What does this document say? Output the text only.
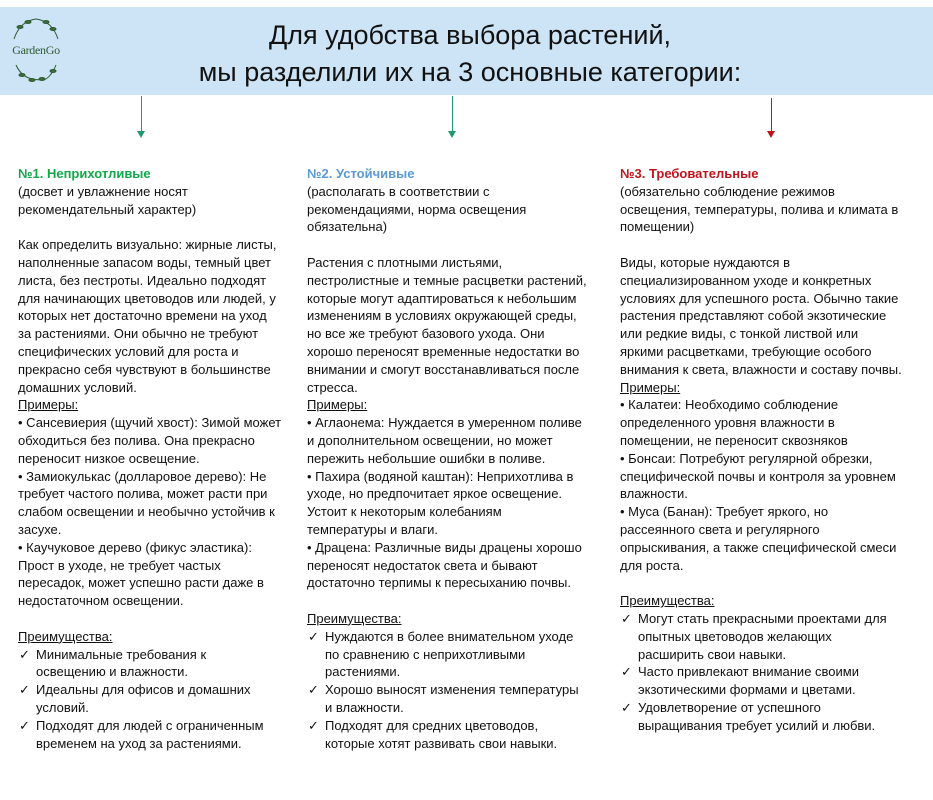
GardenGo	Для удобства выбора растений,
мы разделили их на 3 основные категории:
№1. Неприхотливые
(досвет и увлажнение носят
рекомендательный характер)
Как определить визуально: жирные листы,
наполненные запасом воды, темный цвет
листа, без пестроты. Идеально подходят
для начинающих цветоводов или людей, у
которых нет достаточно времени на уход
за растениями. Они обычно не требуют
специфических условий для роста и
прекрасно себя чувствуют в большинстве
домашних условий.
Примеры:
• Сансевиерия (щучий хвост): Зимой может
обходиться без полива. Она прекрасно
переносит низкое освещение.
• Замиокулькас (долларовое дерево): Не
требует частого полива, может расти при
слабом освещении и необычно устойчив к
засухе.
• Каучуковое дерево (фикус эластика):
Прост в уходе, не требует частых
пересадок, может успешно расти даже в
недостаточном освещении.
Преимущества:
✓ Минимальные требования к
освещению и влажности.
✓ Идеальны для офисов и домашних
условий.
✓ Подходят для людей с ограниченным
временем на уход за растениями.
№2. Устойчивые
(располагать в соответствии с
рекомендациями, норма освещения
обязательна)
Растения с плотными листьями,
пестролистные и темные расцветки растений,
которые могут адаптироваться к небольшим
изменениям в условиях окружающей среды,
но все же требуют базового ухода. Они
хорошо переносят временные недостатки во
внимании и смогут восстанавливаться после
стресса.
Примеры:
• Аглаонема: Нуждается в умеренном поливе
и дополнительном освещении, но может
пережить небольшие ошибки в поливе.
• Пахира (водяной каштан): Неприхотлива в
уходе, но предпочитает яркое освещение.
Устоит к некоторым колебаниям
температуры и влаги.
• Драцена: Различные виды драцены хорошо
переносят недостаток света и бывают
достаточно терпимы к пересыханию почвы.
Преимущества:
✓ Нуждаются в более внимательном уходе
по сравнению с неприхотливыми
растениями.
✓ Хорошо выносят изменения температуры
и влажности.
✓ Подходят для средних цветоводов,
которые хотят развивать свои навыки.
№3. Требовательные
(обязательно соблюдение режимов
освещения, температуры, полива и климата в
помещении)
Виды, которые нуждаются в
специализированном уходе и конкретных
условиях для успешного роста. Обычно такие
растения представляют собой экзотические
или редкие виды, с тонкой листвой или
яркими расцветками, требующие особого
внимания к света, влажности и составу почвы.
Примеры:
• Калатеи: Необходимо соблюдение
определенного уровня влажности в
помещении, не переносит сквозняков
• Бонсаи: Потребуют регулярной обрезки,
специфической почвы и контроля за уровнем
влажности.
• Муса (Банан): Требует яркого, но
рассеянного света и регулярного
опрыскивания, а также специфической смеси
для роста.
Преимущества:
✓ Могут стать прекрасными проектами для
опытных цветоводов желающих
расширить свои навыки.
✓ Часто привлекают внимание своими
экзотическими формами и цветами.
✓ Удовлетворение от успешного
выращивания требует усилий и любви.
